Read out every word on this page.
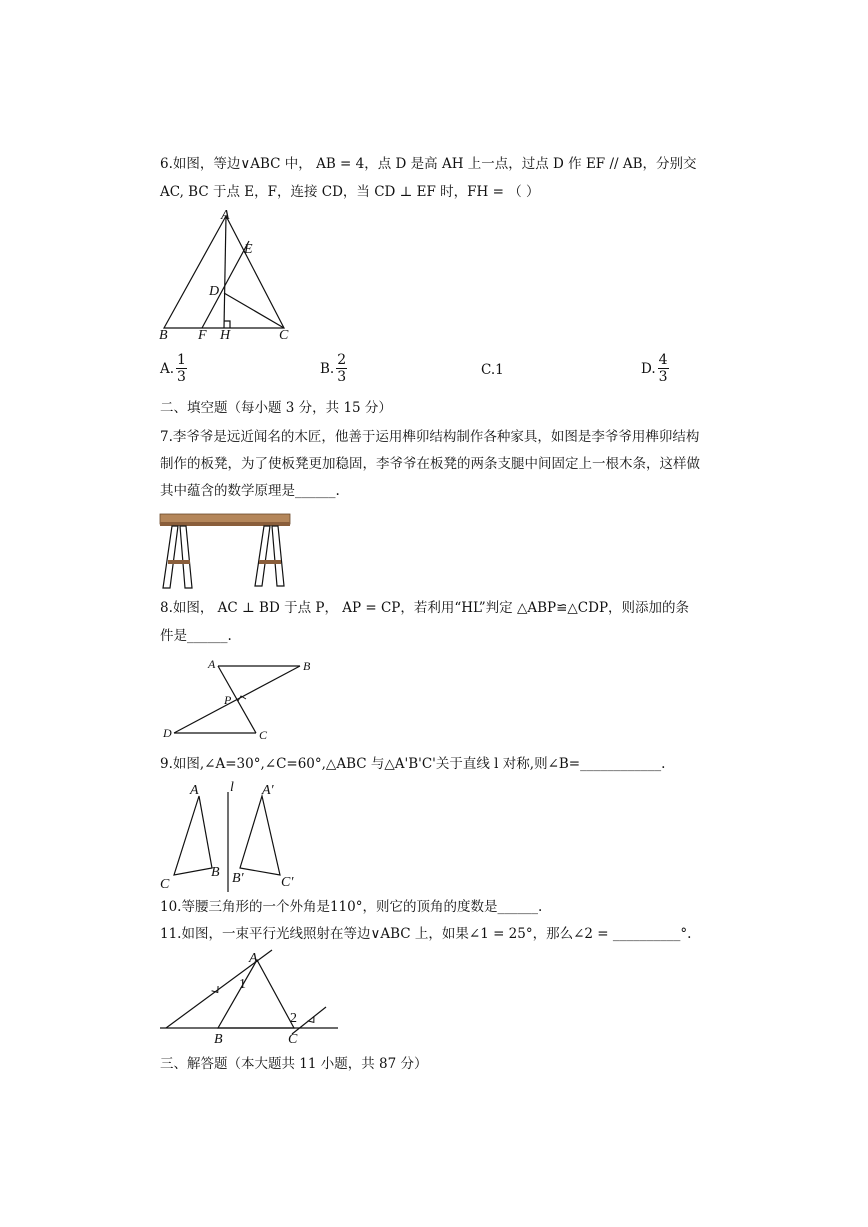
6.如图，等边∨ABC 中， AB = 4，点 D 是高 AH 上一点，过点 D 作 EF // AB，分别交
AC, BC 于点 E，F，连接 CD，当 CD ⊥ EF 时，FH = （ ）
A
E
D
B F H	C
A. $\frac{1}{3}$	B. $\frac{2}{3}$	C. 1	D. $\frac{4}{3}$
二、填空题（每小题 3 分，共 15 分）
7.李爷爷是远近闻名的木匠，他善于运用榫卯结构制作各种家具，如图是李爷爷用榫卯结构
制作的板凳，为了使板凳更加稳固，李爷爷在板凳的两条支腿中间固定上一根木条，这样做
其中蕴含的数学原理是______.
8.如图， AC ⊥ BD 于点 P， AP = CP，若利用“HL”判定 △ABP≌△CDP，则添加的条
件是______.
A	B
P
D	C
9.如图,∠A=30°,∠C=60°,△ABC 与△A'B'C'关于直线 l 对称,则∠B=____________.
A l A′
C
B B′	C′
10.等腰三角形的一个外角是110°，则它的顶角的度数是______.
11.如图，一束平行光线照射在等边∨ABC 上，如果∠1 = 25°，那么∠2 = __________°.
A
1
2
B	C
三、解答题（本大题共 11 小题，共 87 分）
